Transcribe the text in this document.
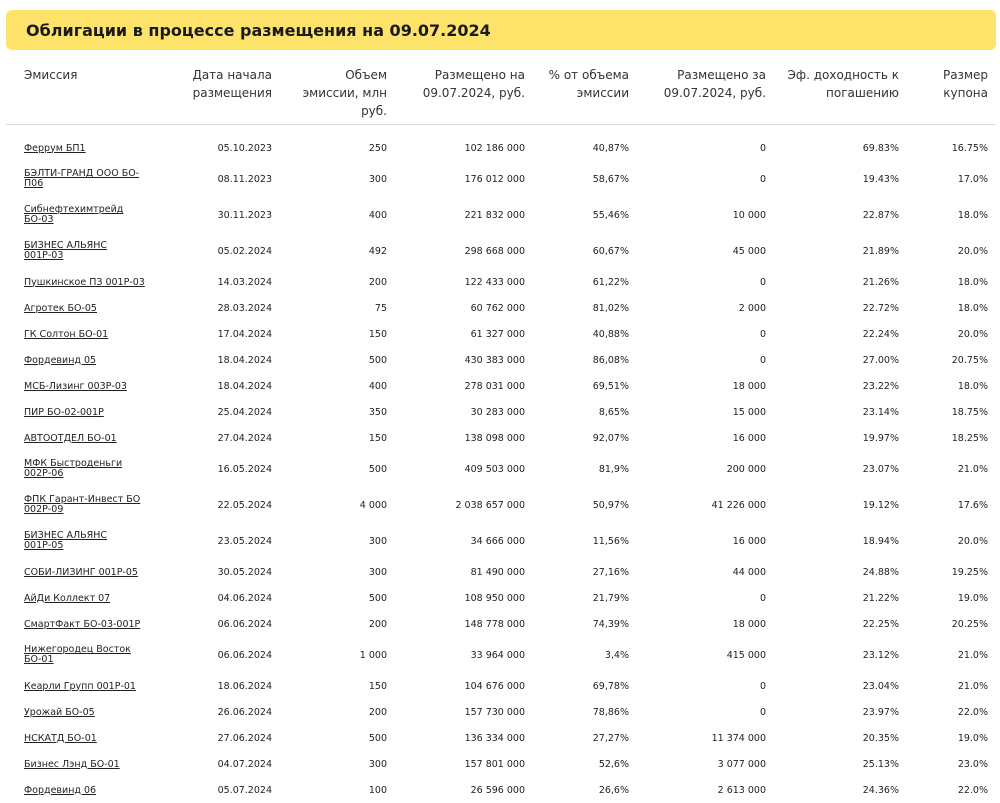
Облигации в процессе размещения на 09.07.2024
Эмиссия	Дата начала размещения	Объем эмиссии, млн руб.	Размещено на 09.07.2024, руб.	% от объема эмиссии	Размещено за 09.07.2024, руб.	Эф. доходность к погашению	Размер купона

Феррум БП1	05.10.2023	250	102 186 000	40,87%	0	69.83%	16.75%
БЭЛТИ-ГРАНД ООО БО-П06	08.11.2023	300	176 012 000	58,67%	0	19.43%	17.0%
Сибнефтехимтрейд БО-03	30.11.2023	400	221 832 000	55,46%	10 000	22.87%	18.0%
БИЗНЕС АЛЬЯНС 001Р-03	05.02.2024	492	298 668 000	60,67%	45 000	21.89%	20.0%
Пушкинское ПЗ 001Р-03	14.03.2024	200	122 433 000	61,22%	0	21.26%	18.0%
Агротек БО-05	28.03.2024	75	60 762 000	81,02%	2 000	22.72%	18.0%
ГК Солтон БО-01	17.04.2024	150	61 327 000	40,88%	0	22.24%	20.0%
Фордевинд 05	18.04.2024	500	430 383 000	86,08%	0	27.00%	20.75%
МСБ-Лизинг 003Р-03	18.04.2024	400	278 031 000	69,51%	18 000	23.22%	18.0%
ПИР БО-02-001Р	25.04.2024	350	30 283 000	8,65%	15 000	23.14%	18.75%
АВТООТДЕЛ БО-01	27.04.2024	150	138 098 000	92,07%	16 000	19.97%	18.25%
МФК Быстроденьги 002Р-06	16.05.2024	500	409 503 000	81,9%	200 000	23.07%	21.0%
ФПК Гарант-Инвест БО 002Р-09	22.05.2024	4 000	2 038 657 000	50,97%	41 226 000	19.12%	17.6%
БИЗНЕС АЛЬЯНС 001Р-05	23.05.2024	300	34 666 000	11,56%	16 000	18.94%	20.0%
СОБИ-ЛИЗИНГ 001Р-05	30.05.2024	300	81 490 000	27,16%	44 000	24.88%	19.25%
АйДи Коллект 07	04.06.2024	500	108 950 000	21,79%	0	21.22%	19.0%
СмартФакт БО-03-001Р	06.06.2024	200	148 778 000	74,39%	18 000	22.25%	20.25%
Нижегородец Восток БО-01	06.06.2024	1 000	33 964 000	3,4%	415 000	23.12%	21.0%
Кеарли Групп 001Р-01	18.06.2024	150	104 676 000	69,78%	0	23.04%	21.0%
Урожай БО-05	26.06.2024	200	157 730 000	78,86%	0	23.97%	22.0%
НСКАТД БО-01	27.06.2024	500	136 334 000	27,27%	11 374 000	20.35%	19.0%
Бизнес Лэнд БО-01	04.07.2024	300	157 801 000	52,6%	3 077 000	25.13%	23.0%
Фордевинд 06	05.07.2024	100	26 596 000	26,6%	2 613 000	24.36%	22.0%
